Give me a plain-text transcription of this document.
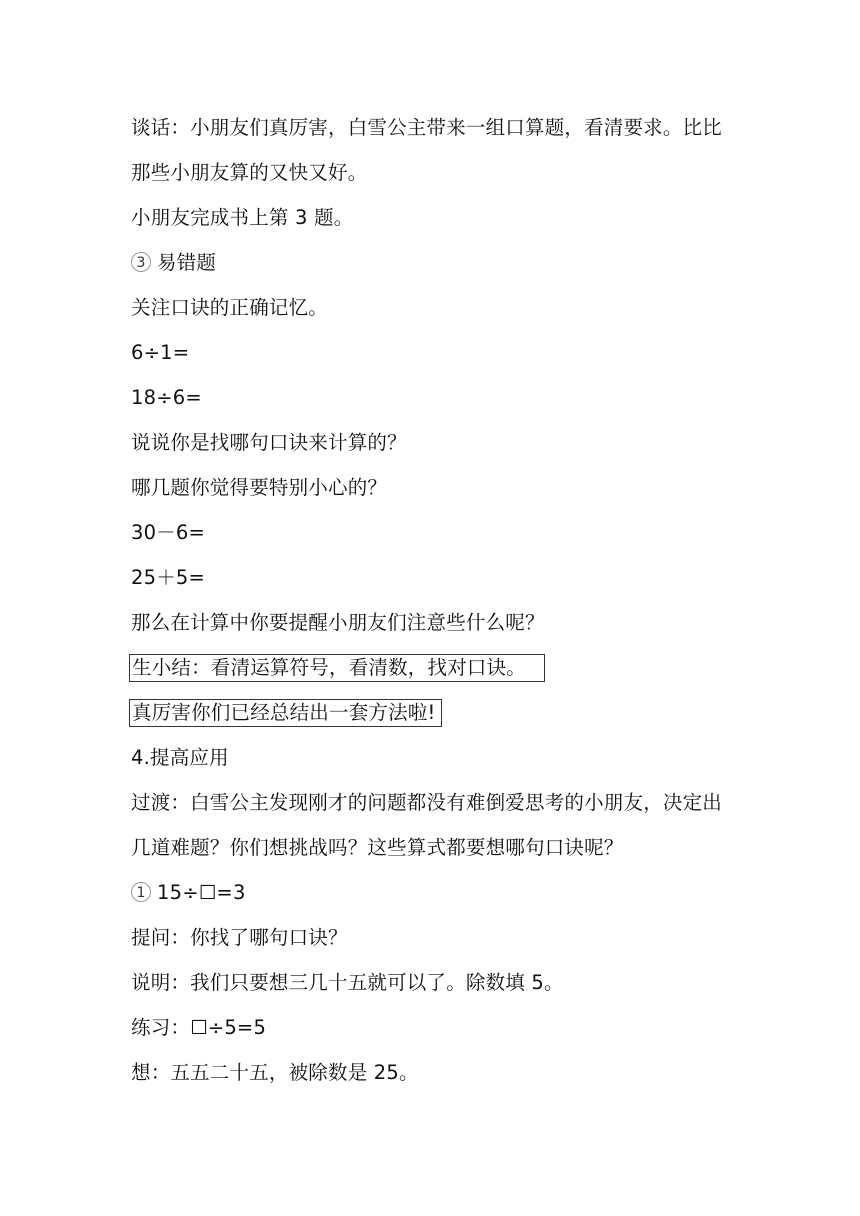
谈话：小朋友们真厉害，白雪公主带来一组口算题，看清要求。比比
那些小朋友算的又快又好。
小朋友完成书上第 3 题。
3 易错题
关注口诀的正确记忆。
6÷1=
18÷6=
说说你是找哪句口诀来计算的？
哪几题你觉得要特别小心的？
30－6=
25＋5=
那么在计算中你要提醒小朋友们注意些什么呢？
生小结：看清运算符号，看清数，找对口诀。
真厉害你们已经总结出一套方法啦!
4.提高应用
过渡：白雪公主发现刚才的问题都没有难倒爱思考的小朋友，决定出
几道难题？你们想挑战吗？这些算式都要想哪句口诀呢？
1 15÷☐=3
提问：你找了哪句口诀？
说明：我们只要想三几十五就可以了。除数填 5。
练习：☐÷5=5
想：五五二十五，被除数是 25。
